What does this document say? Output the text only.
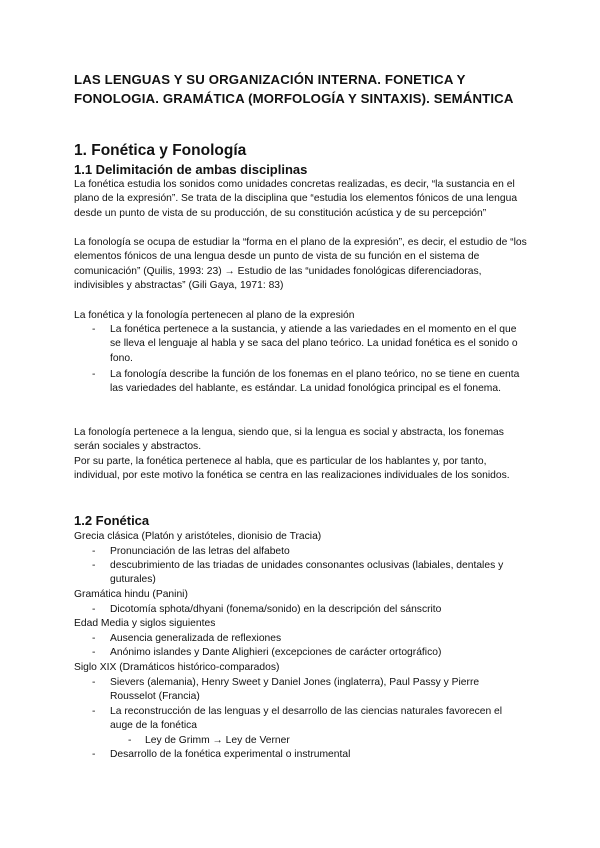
LAS LENGUAS Y SU ORGANIZACIÓN INTERNA. FONETICA Y FONOLOGIA. GRAMÁTICA (MORFOLOGÍA Y SINTAXIS). SEMÁNTICA
1. Fonética y Fonología
1.1 Delimitación de ambas disciplinas

La fonética estudia los sonidos como unidades concretas realizadas, es decir, “la sustancia en el plano de la expresión”. Se trata de la disciplina que “estudia los elementos fónicos de una lengua desde un punto de vista de su producción, de su constitución acústica y de su percepción”

La fonología se ocupa de estudiar la “forma en el plano de la expresión”, es decir, el estudio de “los elementos fónicos de una lengua desde un punto de vista de su función en el sistema de comunicación” (Quilis, 1993: 23) → Estudio de las “unidades fonológicas diferenciadoras, indivisibles y abstractas” (Gili Gaya, 1971: 83)

La fonética y la fonología pertenecen al plano de la expresión

- La fonética pertenece a la sustancia, y atiende a las variedades en el momento en el que se lleva el lenguaje al habla y se saca del plano teórico. La unidad fonética es el sonido o fono.

- La fonología describe la función de los fonemas en el plano teórico, no se tiene en cuenta las variedades del hablante, es estándar. La unidad fonológica principal es el fonema.

La fonología pertenece a la lengua, siendo que, si la lengua es social y abstracta, los fonemas serán sociales y abstractos.

Por su parte, la fonética pertenece al habla, que es particular de los hablantes y, por tanto, individual, por este motivo la fonética se centra en las realizaciones individuales de los sonidos.

1.2 Fonética

Grecia clásica (Platón y aristóteles, dionisio de Tracia)

- Pronunciación de las letras del alfabeto

- descubrimiento de las triadas de unidades consonantes oclusivas (labiales, dentales y guturales)

Gramática hindu (Panini)

- Dicotomía sphota/dhyani (fonema/sonido) en la descripción del sánscrito

Edad Media y siglos siguientes

- Ausencia generalizada de reflexiones

- Anónimo islandes y Dante Alighieri (excepciones de carácter ortográfico)

Siglo XIX (Dramáticos histórico-comparados)

- Sievers (alemania), Henry Sweet y Daniel Jones (inglaterra), Paul Passy y Pierre Rousselot (Francia)

- La reconstrucción de las lenguas y el desarrollo de las ciencias naturales favorecen el auge de la fonética

- Ley de Grimm → Ley de Verner

- Desarrollo de la fonética experimental o instrumental
